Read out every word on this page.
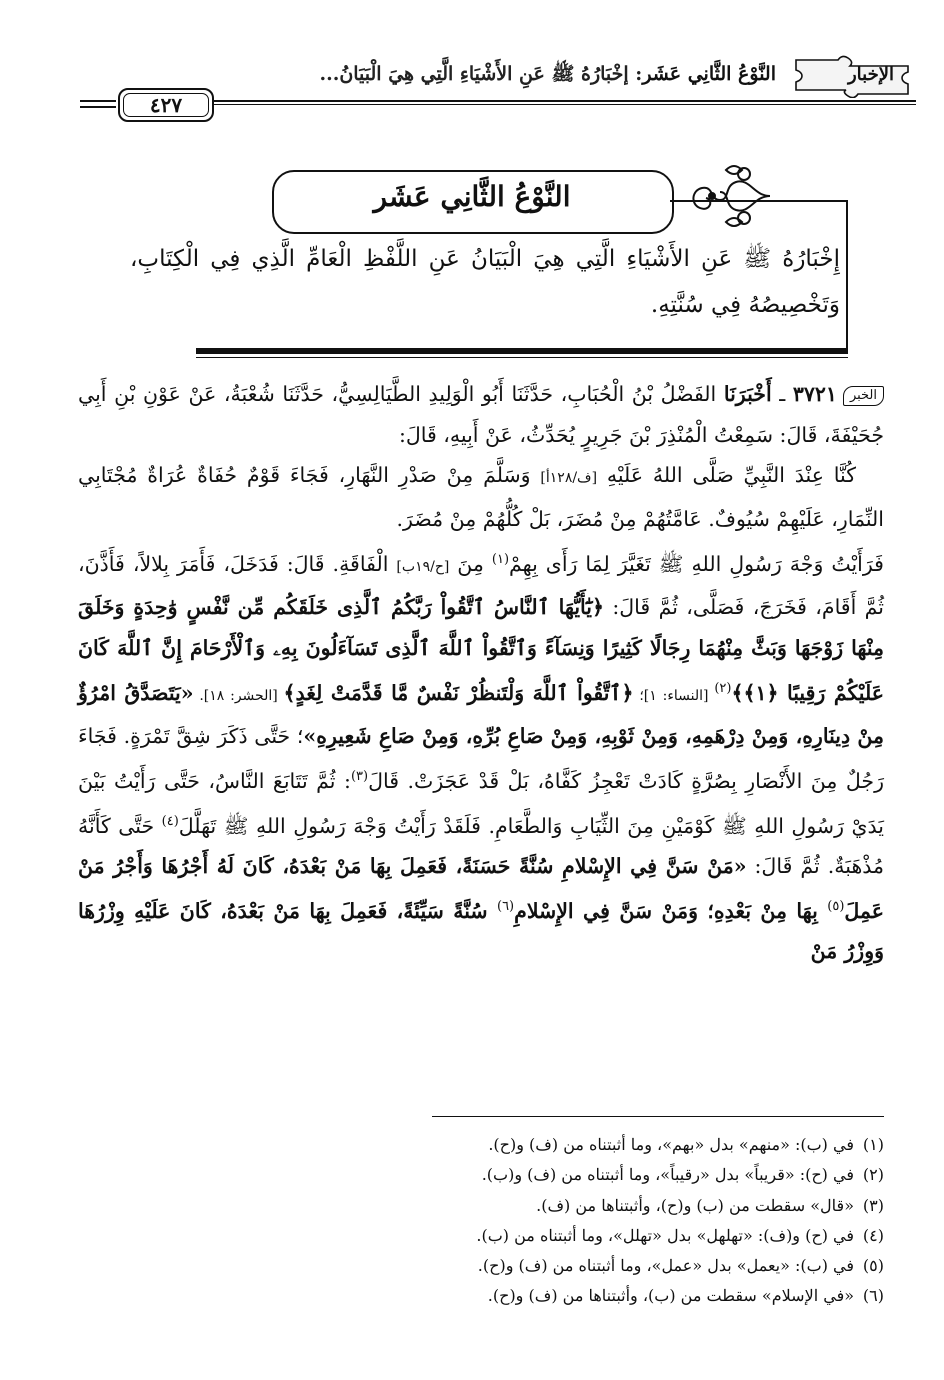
الإخبار
النَّوْعُ الثَّانِي عَشَر: إخْبَارُهُ ﷺ عَنِ الأَشْيَاءِ الَّتِي هِيَ الْبَيَانُ...
٤٢٧
النَّوْعُ الثَّانِي عَشَر
إِخْبَارُهُ ﷺ عَنِ الأَشْيَاءِ الَّتِي هِيَ الْبَيَانُ عَنِ اللَّفْظِ الْعَامِّ الَّذِي فِي الْكِتَابِ، وَتَخْصِيصُهُ فِي سُنَّتِهِ.

الخبر٣٧٢١ ـ أَخْبَرَنَا الفَضْلُ بْنُ الْحُبَابِ، حَدَّثَنَا أَبُو الْوَلِيدِ الطَّيَالِسِيُّ، حَدَّثَنَا شُعْبَةُ، عَنْ عَوْنِ بْنِ أَبِي جُحَيْفَةَ، قَالَ: سَمِعْتُ الْمُنْذِرَ بْنَ جَرِيرٍ يُحَدِّثُ، عَنْ أَبِيهِ، قَالَ:

كُنَّا عِنْدَ النَّبِيِّ صَلَّى اللهُ عَلَيْهِ [ف/١٢٨أ] وَسَلَّمَ مِنْ صَدْرِ النَّهَارِ، فَجَاءَ قَوْمٌ حُفَاةٌ عُرَاةٌ مُجْتَابِي النِّمَارِ، عَلَيْهِمْ سُيُوفٌ. عَامَّتُهُمْ مِنْ مُضَرَ، بَلْ كُلُّهُمْ مِنْ مُضَرَ.

فَرَأَيْتُ وَجْهَ رَسُولِ اللهِ ﷺ تَغَيَّرَ لِمَا رَأَى بِهِمْ$^{(١)}$ مِنَ [ح/١٩ب] الْفَاقَةِ. قَالَ: فَدَخَلَ، فَأَمَرَ بِلالاً، فَأَذَّنَ، ثُمَّ أَقَامَ، فَخَرَجَ، فَصَلَّى، ثُمَّ قَالَ: ﴿يَٰٓأَيُّهَا ٱلنَّاسُ ٱتَّقُواْ رَبَّكُمُ ٱلَّذِى خَلَقَكُم مِّن نَّفْسٍ وَٰحِدَةٍ وَخَلَقَ مِنْهَا زَوْجَهَا وَبَثَّ مِنْهُمَا رِجَالًا كَثِيرًا وَنِسَآءً وَٱتَّقُواْ ٱللَّهَ ٱلَّذِى تَسَآءَلُونَ بِهِۦ وَٱلْأَرْحَامَ إِنَّ ٱللَّهَ كَانَ عَلَيْكُمْ رَقِيبًا ﴿١﴾﴾$^{(٢)}$ [النساء: ١]؛ ﴿ٱتَّقُواْ ٱللَّهَ وَلْتَنظُرْ نَفْسٌ مَّا قَدَّمَتْ لِغَدٍ﴾ [الحشر: ١٨]. «يَتَصَدَّقُ امْرُؤٌ مِنْ دِينَارِهِ، وَمِنْ دِرْهَمِهِ، وَمِنْ ثَوْبِهِ، وَمِنْ صَاعِ بُرِّهِ، وَمِنْ صَاعِ شَعِيرِهِ»؛ حَتَّى ذَكَرَ شِقَّ تَمْرَةٍ. فَجَاءَ رَجُلٌ مِنَ الأَنْصَارِ بِصُرَّةٍ كَادَتْ تَعْجِزُ كَفَّاهُ، بَلْ قَدْ عَجَزَتْ. قَالَ$^{(٣)}$: ثُمَّ تَتَابَعَ النَّاسُ، حَتَّى رَأَيْتُ بَيْنَ يَدَيْ رَسُولِ اللهِ ﷺ كَوْمَيْنِ مِنَ الثِّيَابِ وَالطَّعَامِ. فَلَقَدْ رَأَيْتُ وَجْهَ رَسُولِ اللهِ ﷺ تَهَلَّلَ$^{(٤)}$ حَتَّى كَأَنَّهُ مُذْهَبَةٌ. ثُمَّ قَالَ: «مَنْ سَنَّ فِي الإِسْلامِ سُنَّةً حَسَنَةً، فَعَمِلَ بِهَا مَنْ بَعْدَهُ، كَانَ لَهُ أَجْرُهَا وَأَجْرُ مَنْ عَمِلَ$^{(٥)}$ بِهَا مِنْ بَعْدِهِ؛ وَمَنْ سَنَّ فِي الإِسْلامِ$^{(٦)}$ سُنَّةً سَيِّئَةً، فَعَمِلَ بِهَا مَنْ بَعْدَهُ، كَانَ عَلَيْهِ وِزْرُهَا وَوِزْرُ مَنْ

(١)في (ب): «منهم» بدل «بهم»، وما أثبتناه من (ف) و(ح).
(٢)في (ح): «قريباً» بدل «رقيباً»، وما أثبتناه من (ف) و(ب).
(٣)«قال» سقطت من (ب) و(ح)، وأثبتناها من (ف).
(٤)في (ح) و(ف): «تهلهل» بدل «تهلل»، وما أثبتناه من (ب).
(٥)في (ب): «يعمل» بدل «عمل»، وما أثبتناه من (ف) و(ح).
(٦)«في الإسلام» سقطت من (ب)، وأثبتناها من (ف) و(ح).
